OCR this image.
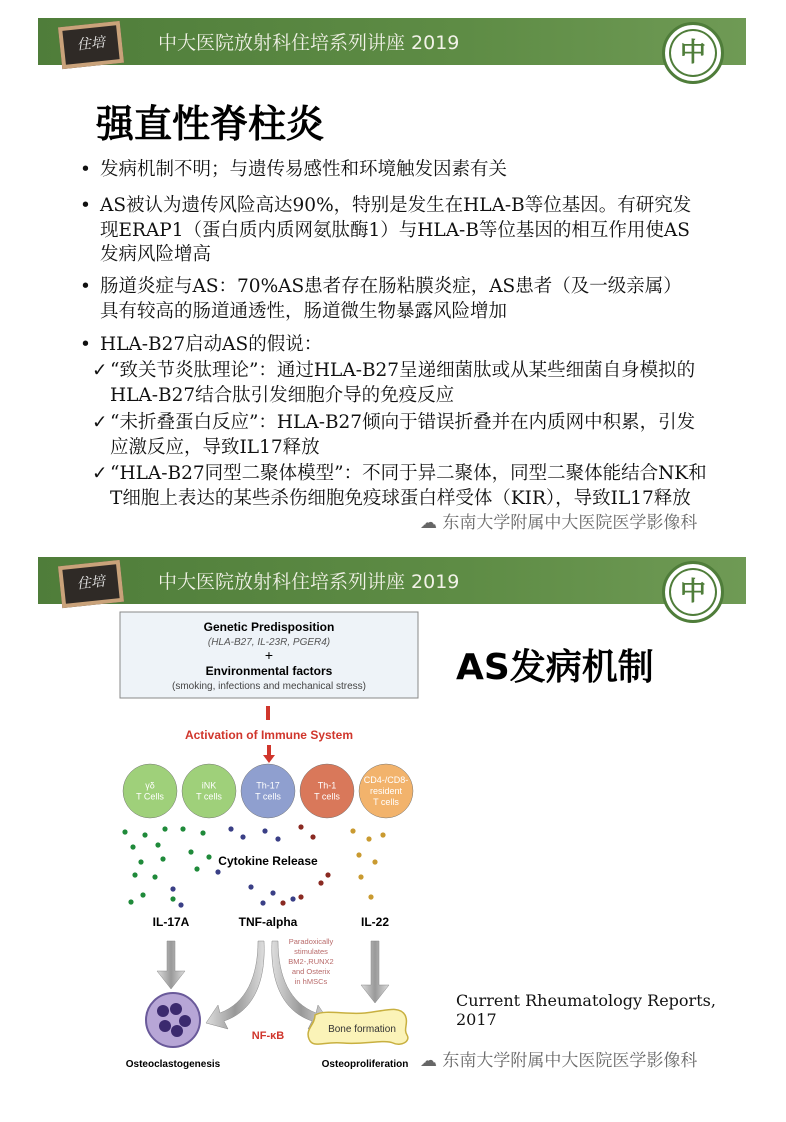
住培	中大医院放射科住培系列讲座 2019	中
强直性脊柱炎
• 发病机制不明；与遗传易感性和环境触发因素有关
• AS被认为遗传风险高达90%，特别是发生在HLA-B等位基因。有研究发现ERAP1（蛋白质内质网氨肽酶1）与HLA-B等位基因的相互作用使AS发病风险增高
• 肠道炎症与AS：70%AS患者存在肠粘膜炎症，AS患者（及一级亲属）具有较高的肠道通透性，肠道微生物暴露风险增加
• HLA-B27启动AS的假说：
✓ “致关节炎肽理论”：通过HLA-B27呈递细菌肽或从某些细菌自身模拟的HLA-B27结合肽引发细胞介导的免疫反应
✓ “未折叠蛋白反应”：HLA-B27倾向于错误折叠并在内质网中积累，引发应激反应，导致IL17释放
✓ “HLA-B27同型二聚体模型”：不同于异二聚体，同型二聚体能结合NK和T细胞上表达的某些杀伤细胞免疫球蛋白样受体（KIR），导致IL17释放
☁ 东南大学附属中大医院医学影像科
住培	中大医院放射科住培系列讲座 2019	中
AS发病机制
Current Rheumatology Reports, 2017
☁ 东南大学附属中大医院医学影像科
Genetic Predisposition
(HLA-B27, IL-23R, PGER4)
+
Environmental factors
(smoking, infections and mechanical stress)
Activation of Immune System
γδ
T Cells
iNK
T cells
Th-17
T cells
Th-1
T cells
CD4-/CD8-
resident
T cells
Cytokine Release
IL-17A	TNF-alpha	IL-22
Paradoxically
stimulates
BM2-,RUNX2
and Osterix
in hMSCs
NF-κB
Bone formation
Osteoclastogenesis	Osteoproliferation
